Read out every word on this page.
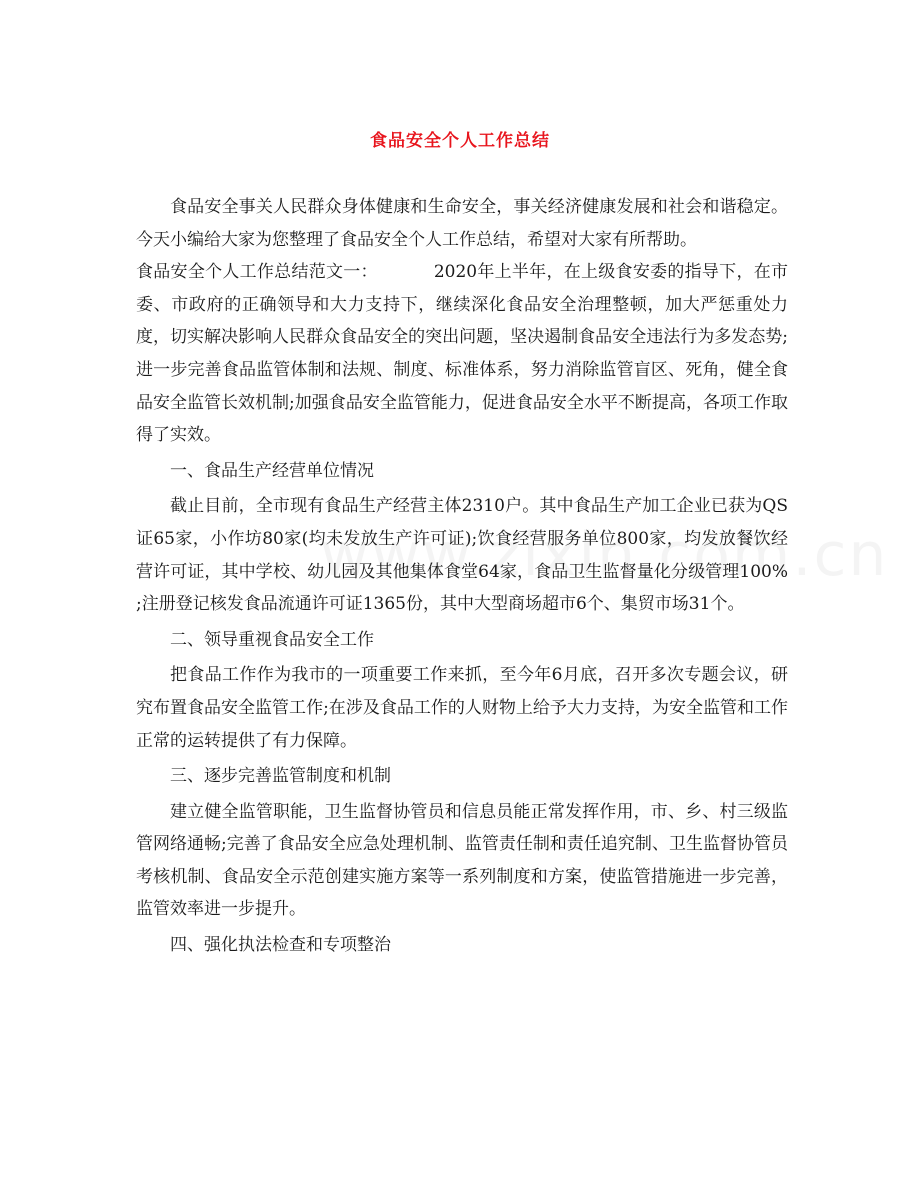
食品安全个人工作总结

食品安全事关人民群众身体健康和生命安全，事关经济健康发展和社会和谐稳定。今天小编给大家为您整理了食品安全个人工作总结，希望对大家有所帮助。

食品安全个人工作总结范文一：	2020年上半年，在上级食安委的指导下，在市委、市政府的正确领导和大力支持下，继续深化食品安全治理整顿，加大严惩重处力度，切实解决影响人民群众食品安全的突出问题，坚决遏制食品安全违法行为多发态势;进一步完善食品监管体制和法规、制度、标准体系，努力消除监管盲区、死角，健全食品安全监管长效机制;加强食品安全监管能力，促进食品安全水平不断提高，各项工作取得了实效。

一、食品生产经营单位情况

截止目前，全市现有食品生产经营主体2310户。其中食品生产加工企业已获为QS证65家，小作坊80家(均未发放生产许可证);饮食经营服务单位800家，均发放餐饮经营许可证，其中学校、幼儿园及其他集体食堂64家，食品卫生监督量化分级管理100% ;注册登记核发食品流通许可证1365份，其中大型商场超市6个、集贸市场31个。

二、领导重视食品安全工作

把食品工作作为我市的一项重要工作来抓，至今年6月底，召开多次专题会议，研究布置食品安全监管工作;在涉及食品工作的人财物上给予大力支持，为安全监管和工作正常的运转提供了有力保障。

三、逐步完善监管制度和机制

建立健全监管职能，卫生监督协管员和信息员能正常发挥作用，市、乡、村三级监管网络通畅;完善了食品安全应急处理机制、监管责任制和责任追究制、卫生监督协管员考核机制、食品安全示范创建实施方案等一系列制度和方案，使监管措施进一步完善，监管效率进一步提升。

四、强化执法检查和专项整治
